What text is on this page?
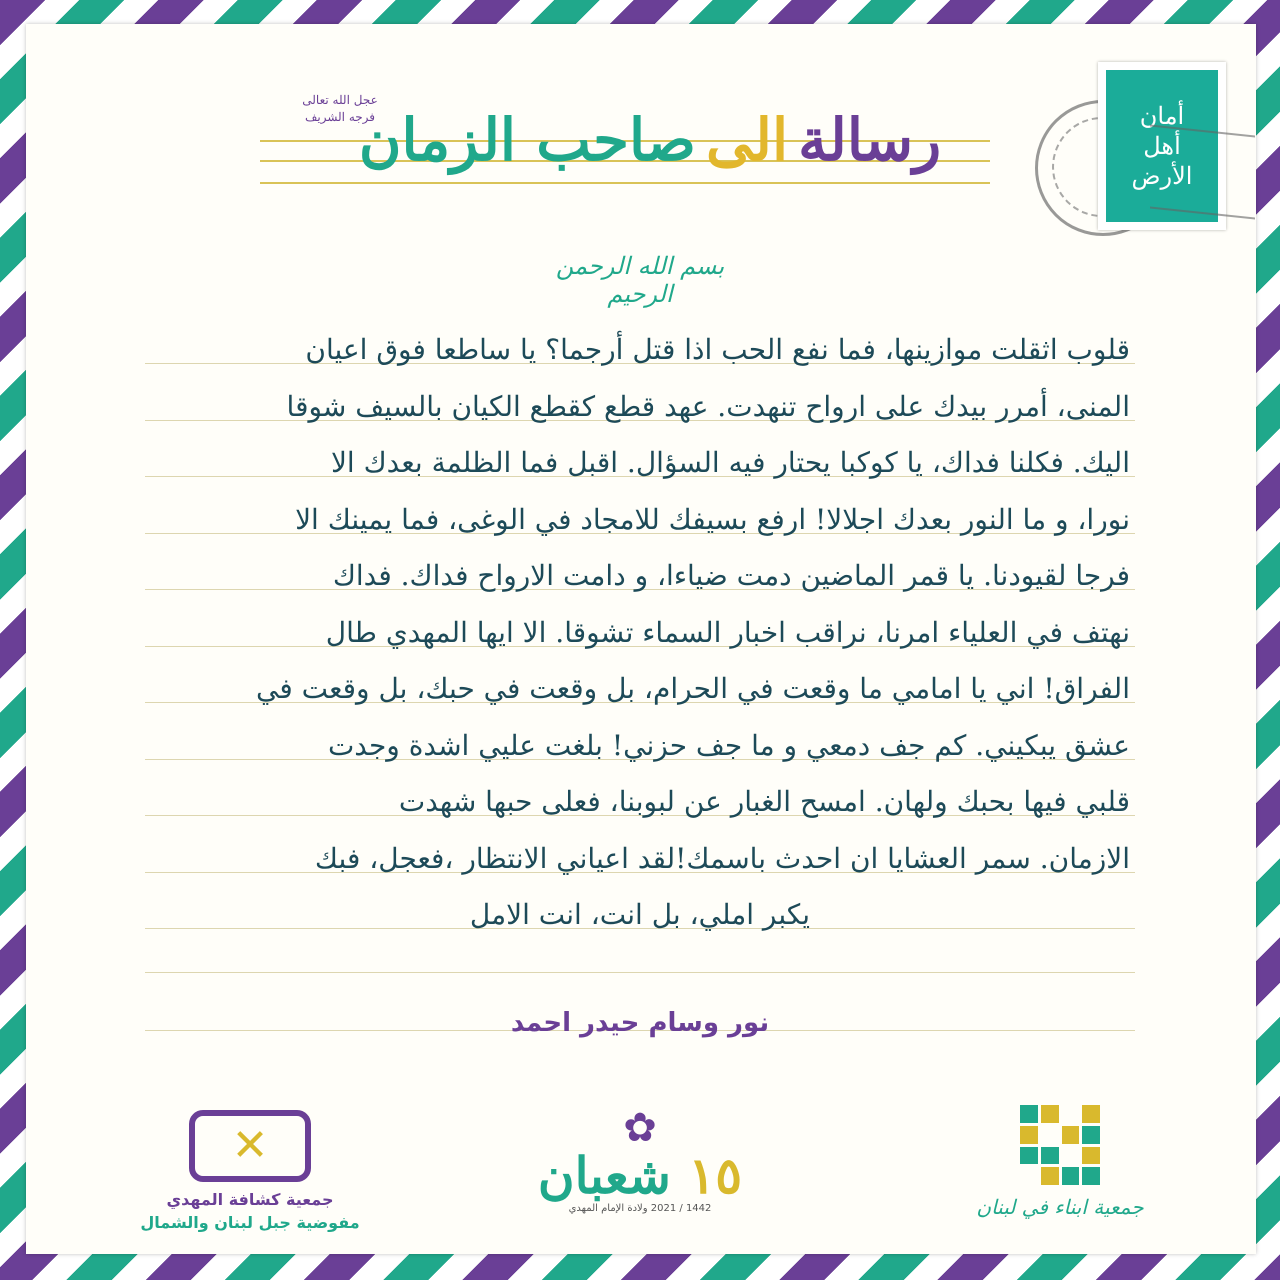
رسالة
الى
صاحب الزمان
عجل الله تعالى فرجه الشريف	أمان
أهل
الأرض
بسم الله الرحمن الرحيم
قلوب اثقلت موازينها، فما نفع الحب اذا قتل أرجما؟ يا ساطعا فوق اعيان
المنى، أمرر بيدك على ارواح تنهدت. عهد قطع كقطع الكيان بالسيف شوقا
اليك. فكلنا فداك، يا كوكبا يحتار فيه السؤال. اقبل فما الظلمة بعدك الا
نورا، و ما النور بعدك اجلالا! ارفع بسيفك للامجاد في الوغى، فما يمينك الا
فرجا لقيودنا. يا قمر الماضين دمت ضياءا، و دامت الارواح فداك. فداك
نهتف في العلياء امرنا، نراقب اخبار السماء تشوقا. الا ايها المهدي طال
الفراق! اني يا امامي ما وقعت في الحرام، بل وقعت في حبك، بل وقعت في
عشق يبكيني. كم جف دمعي و ما جف حزني! بلغت عليي اشدة وجدت
قلبي فيها بحبك ولهان. امسح الغبار عن لبوبنا، فعلى حبها شهدت
الازمان. سمر العشايا ان احدث باسمك!لقد اعياني الانتظار ،فعجل، فبك
يكبر املي، بل انت، انت الامل
نور وسام حيدر احمد
✕
جمعية كشافة المهدي
مفوضية جبل لبنان والشمال
✿
١٥ شعبان
1442 / 2021 ولادة الإمام المهدي	جمعية ابناء في لبنان
